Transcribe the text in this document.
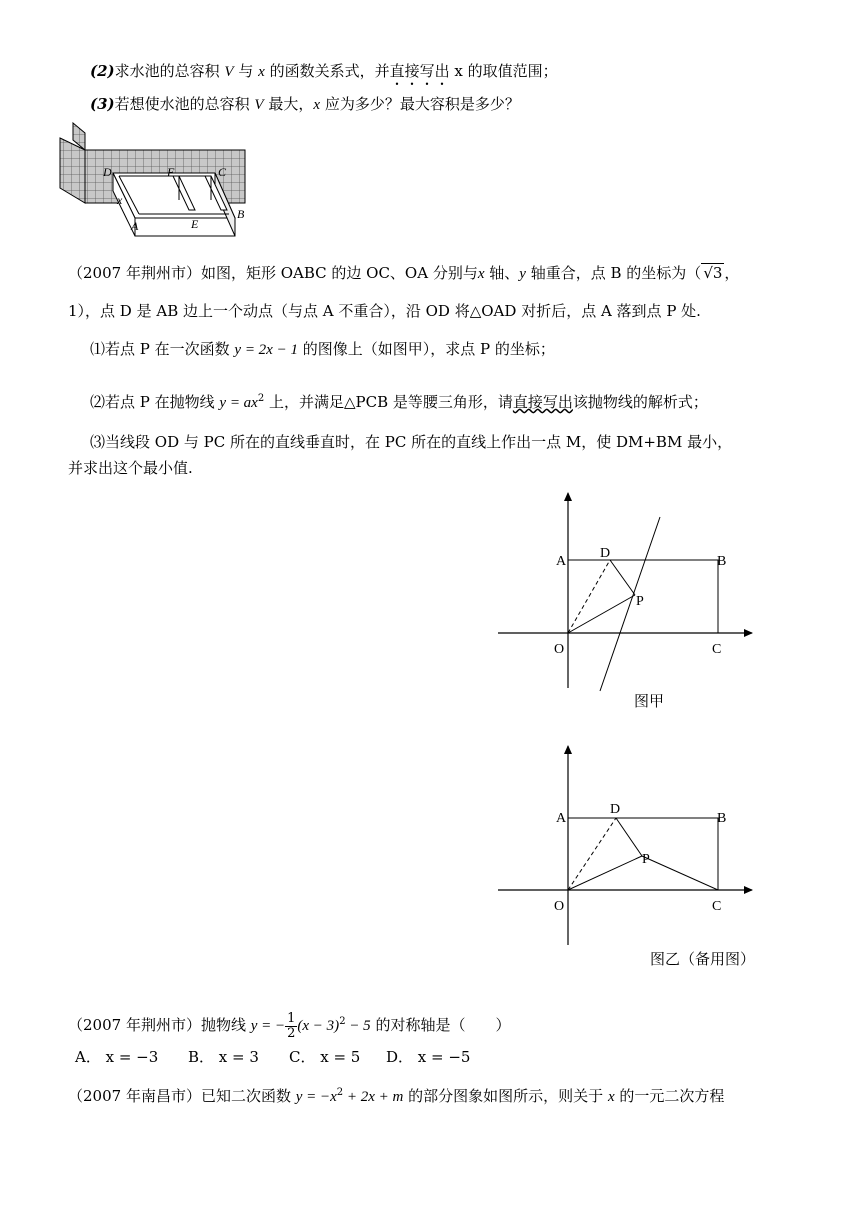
(2)求水池的总容积 V 与 x 的函数关系式，并直接写出 x 的取值范围；
(3)若想使水池的总容积 V 最大，x 应为多少？最大容积是多少？
D	F	C
x
A	E
B
（2007 年荆州市）如图，矩形 OABC 的边 OC、OA 分别与x 轴、y 轴重合，点 B 的坐标为（ √3 ，
1），点 D 是 AB 边上一个动点（与点 A 不重合），沿 OD 将△OAD 对折后，点 A 落到点 P 处.
⑴若点 P 在一次函数 y = 2x − 1 的图像上（如图甲），求点 P 的坐标；
⑵若点 P 在抛物线 $y = ax^2$ 上，并满足△PCB 是等腰三角形，请直接写出该抛物线的解析式；
⑶当线段 OD 与 PC 所在的直线垂直时，在 PC 所在的直线上作出一点 M，使 DM+BM 最小，
并求出这个最小值.
A
D
B
P
O	C
图甲
A
D
B
P
O	C
图乙（备用图）
（2007 年荆州市）抛物线 y = − $\frac{1}{2} (x - 3)^2 - 5$ 的对称轴是（　　）
A． x = −3 B． x = 3 C． x = 5 D． x = −5
（2007 年南昌市）已知二次函数 $y = -x^2 + 2x + m$ 的部分图象如图所示，则关于 x 的一元二次方程
